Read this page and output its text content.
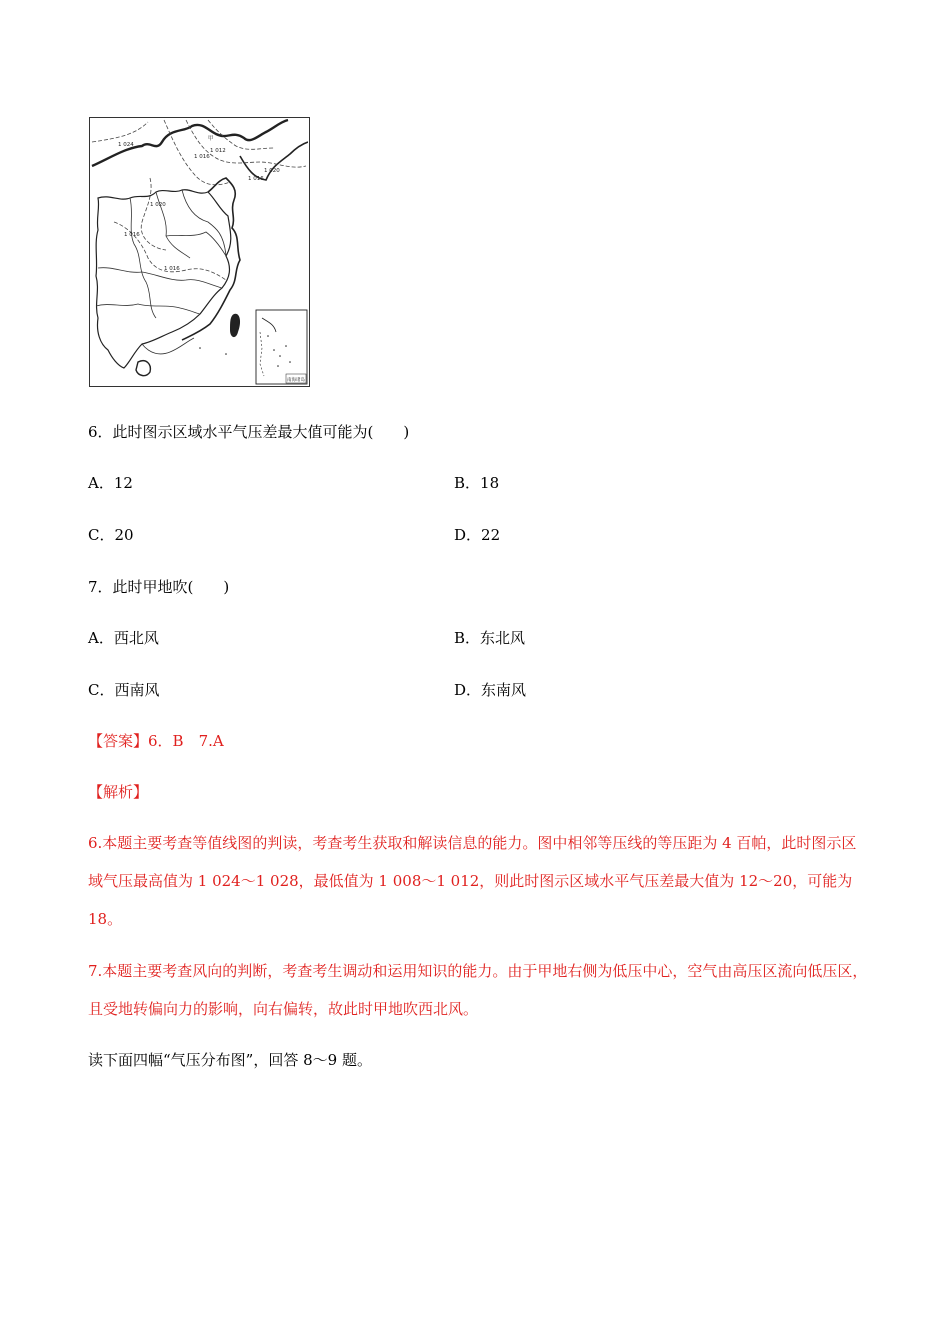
甲
1 024
1 016
1 012
1 020
1 016
1 020
1 016
1 016
南海诸岛
6．此时图示区域水平气压差最大值可能为(　　)
A．12	B．18
C．20	D．22
7．此时甲地吹(　　)
A．西北风	B．东北风
C．西南风	D．东南风
【答案】6．B　7.A
【解析】
6.本题主要考查等值线图的判读，考查考生获取和解读信息的能力。图中相邻等压线的等压距为 4 百帕，此时图示区域气压最高值为 1 024～1 028，最低值为 1 008～1 012，则此时图示区域水平气压差最大值为 12～20，可能为 18。
7.本题主要考查风向的判断，考查考生调动和运用知识的能力。由于甲地右侧为低压中心，空气由高压区流向低压区，且受地转偏向力的影响，向右偏转，故此时甲地吹西北风。
读下面四幅“气压分布图”，回答 8～9 题。
